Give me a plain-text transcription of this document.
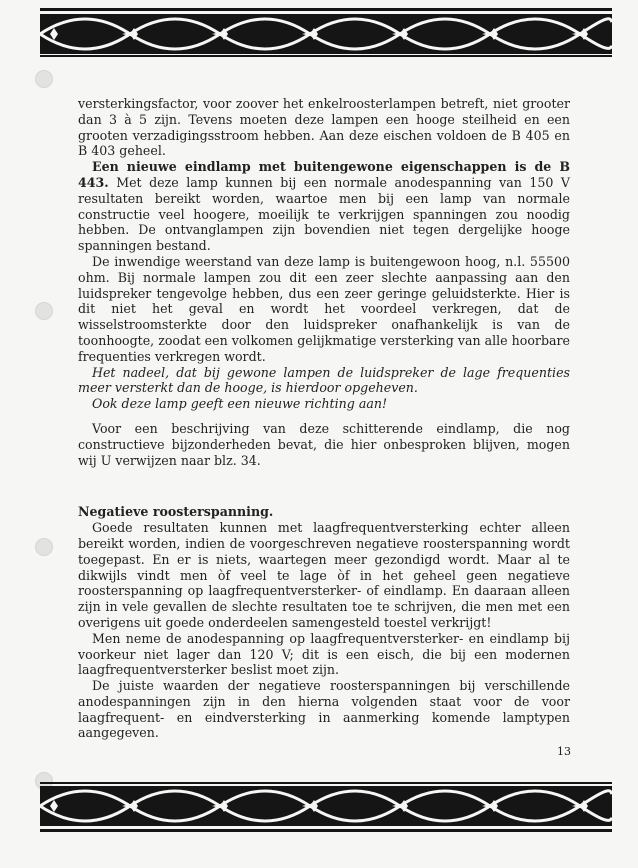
versterkingsfactor, voor zoover het enkelroosterlampen betreft, niet grooter dan 3 à 5 zijn. Tevens moeten deze lampen een hooge steilheid en een grooten verzadigingsstroom hebben. Aan deze eischen voldoen de B 405 en B 403 geheel.

Een nieuwe eindlamp met buitengewone eigenschappen is de B 443. Met deze lamp kunnen bij een normale anodespanning van 150 V resultaten bereikt worden, waartoe men bij een lamp van normale constructie veel hoogere, moeilijk te verkrijgen spanningen zou noodig hebben. De ontvanglampen zijn bovendien niet tegen dergelijke hooge spanningen bestand.

De inwendige weerstand van deze lamp is buitengewoon hoog, n.l. 55500 ohm. Bij normale lampen zou dit een zeer slechte aanpassing aan den luidspreker tengevolge hebben, dus een zeer geringe geluidsterkte. Hier is dit niet het geval en wordt het voordeel verkregen, dat de wisselstroomsterkte door den luidspreker onafhankelijk is van de toonhoogte, zoodat een volkomen gelijkmatige versterking van alle hoorbare frequenties verkregen wordt.

Het nadeel, dat bij gewone lampen de luidspreker de lage frequenties meer versterkt dan de hooge, is hierdoor opgeheven.

Ook deze lamp geeft een nieuwe richting aan!

Voor een beschrijving van deze schitterende eindlamp, die nog constructieve bijzonderheden bevat, die hier onbesproken blijven, mogen wij U verwijzen naar blz. 34.

Negatieve roosterspanning.

Goede resultaten kunnen met laagfrequentversterking echter alleen bereikt worden, indien de voorgeschreven negatieve roosterspanning wordt toegepast. En er is niets, waartegen meer gezondigd wordt. Maar al te dikwijls vindt men òf veel te lage òf in het geheel geen negatieve roosterspanning op laagfrequentversterker- of eindlamp. En daaraan alleen zijn in vele gevallen de slechte resultaten toe te schrijven, die men met een overigens uit goede onderdeelen samengesteld toestel verkrijgt!

Men neme de anodespanning op laagfrequentversterker- en eindlamp bij voorkeur niet lager dan 120 V; dit is een eisch, die bij een modernen laagfrequentversterker beslist moet zijn.

De juiste waarden der negatieve roosterspanningen bij verschillende anodespanningen zijn in den hierna volgenden staat voor de voor laagfrequent- en eindversterking in aanmerking komende lamptypen aangegeven.

13
